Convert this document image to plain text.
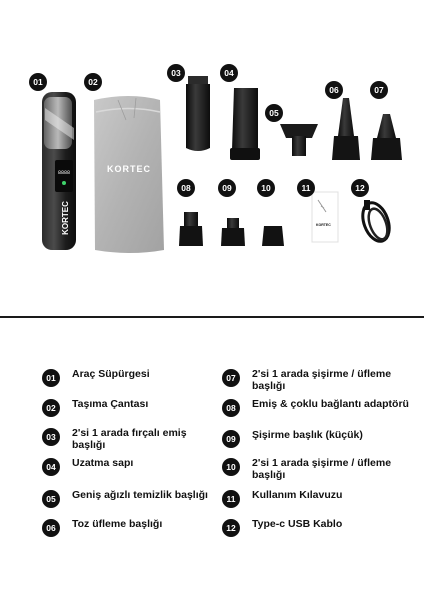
8888
KORTEC
KORTEC
KORTEC
01	02
03	04
05
06	07
08	09	10	11	12
01	Araç Süpürgesi
02	Taşıma Çantası
03	2'si 1 arada fırçalı emiş başlığı
04	Uzatma sapı
05	Geniş ağızlı temizlik başlığı
06	Toz üfleme başlığı
07	2'si 1 arada şişirme / üfleme başlığı
08	Emiş & çoklu bağlantı adaptörü
09	Şişirme başlık (küçük)
10	2'si 1 arada şişirme / üfleme başlığı
11	Kullanım Kılavuzu
12	Type-c USB Kablo
